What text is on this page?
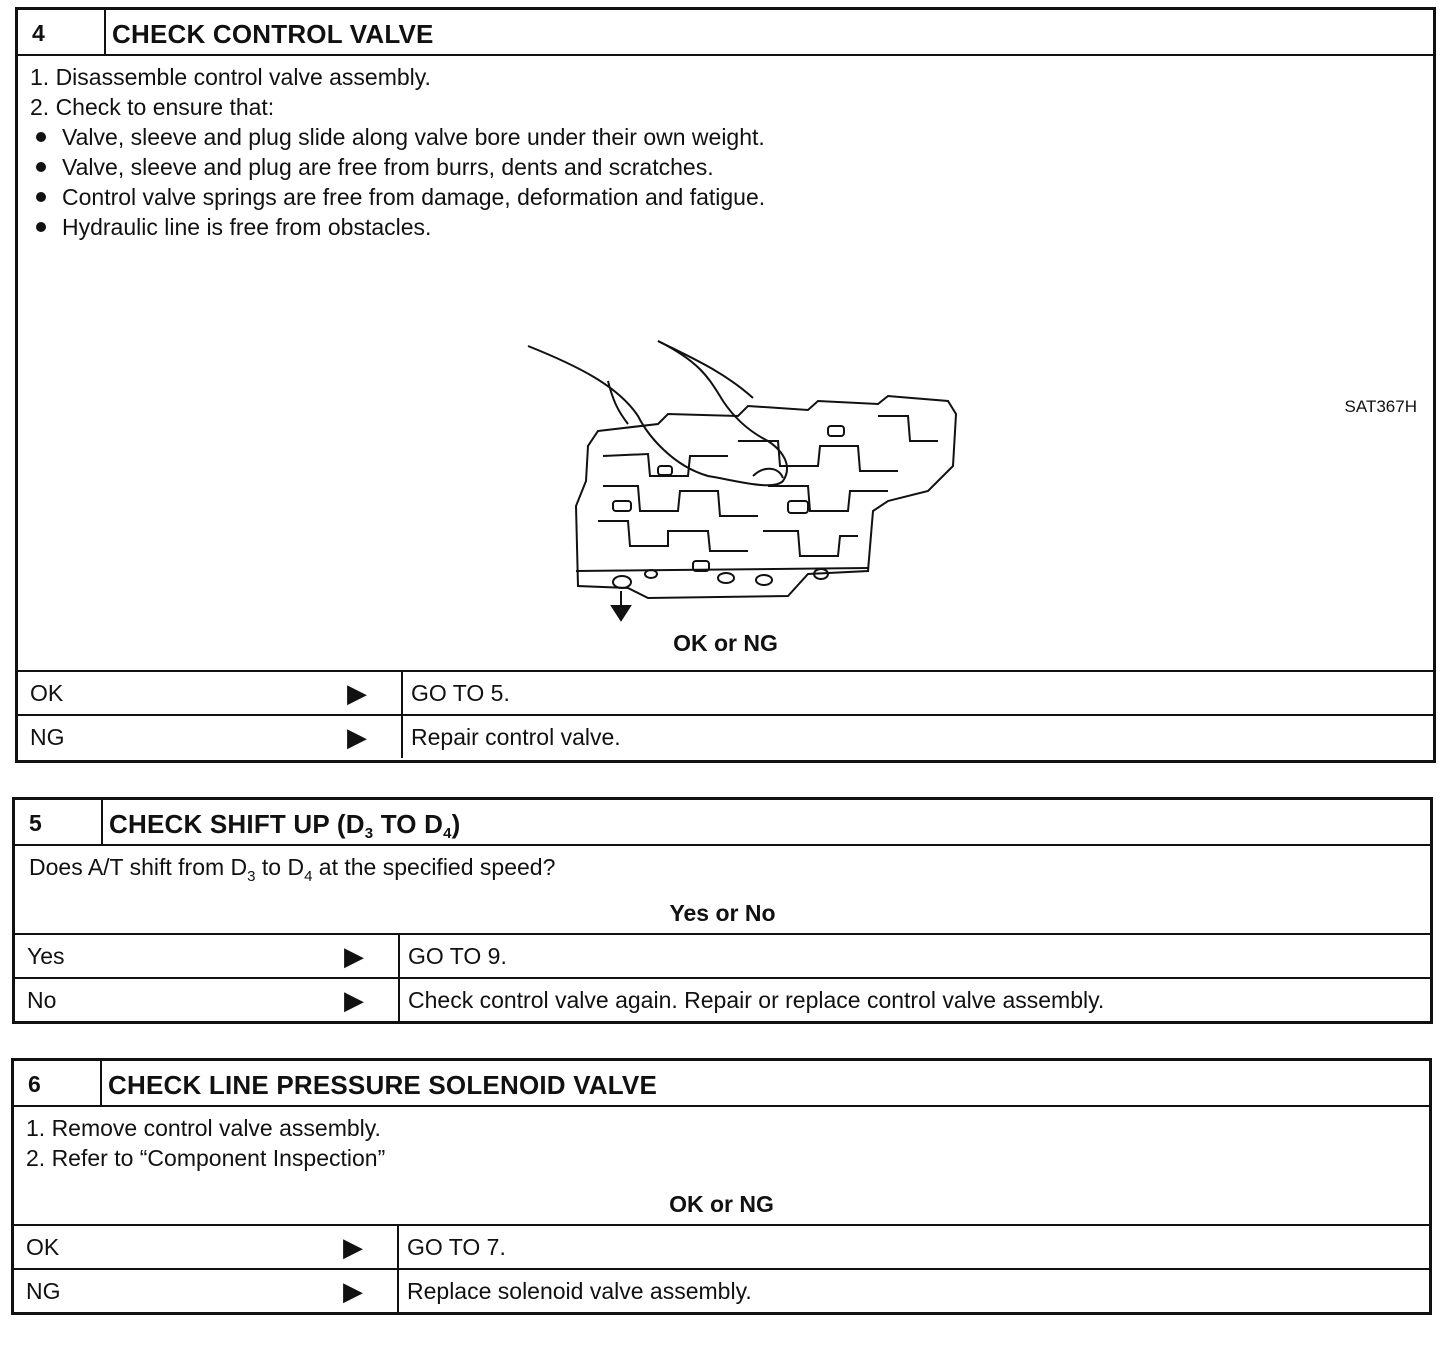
4	CHECK CONTROL VALVE
1. Disassemble control valve assembly.
2. Check to ensure that:
Valve, sleeve and plug slide along valve bore under their own weight.
Valve, sleeve and plug are free from burrs, dents and scratches.
Control valve springs are free from damage, deformation and fatigue.
Hydraulic line is free from obstacles.
SAT367H
OK or NG
OK	▶	GO TO 5.
NG	▶	Repair control valve.
5	CHECK SHIFT UP ($D_3$ TO $D_4$)
Does A/T shift from $D_3$ to $D_4$ at the specified speed?
Yes or No
Yes	▶	GO TO 9.
No	▶	Check control valve again. Repair or replace control valve assembly.
6	CHECK LINE PRESSURE SOLENOID VALVE
1. Remove control valve assembly.
2. Refer to “Component Inspection”
OK or NG
OK	▶	GO TO 7.
NG	▶	Replace solenoid valve assembly.
